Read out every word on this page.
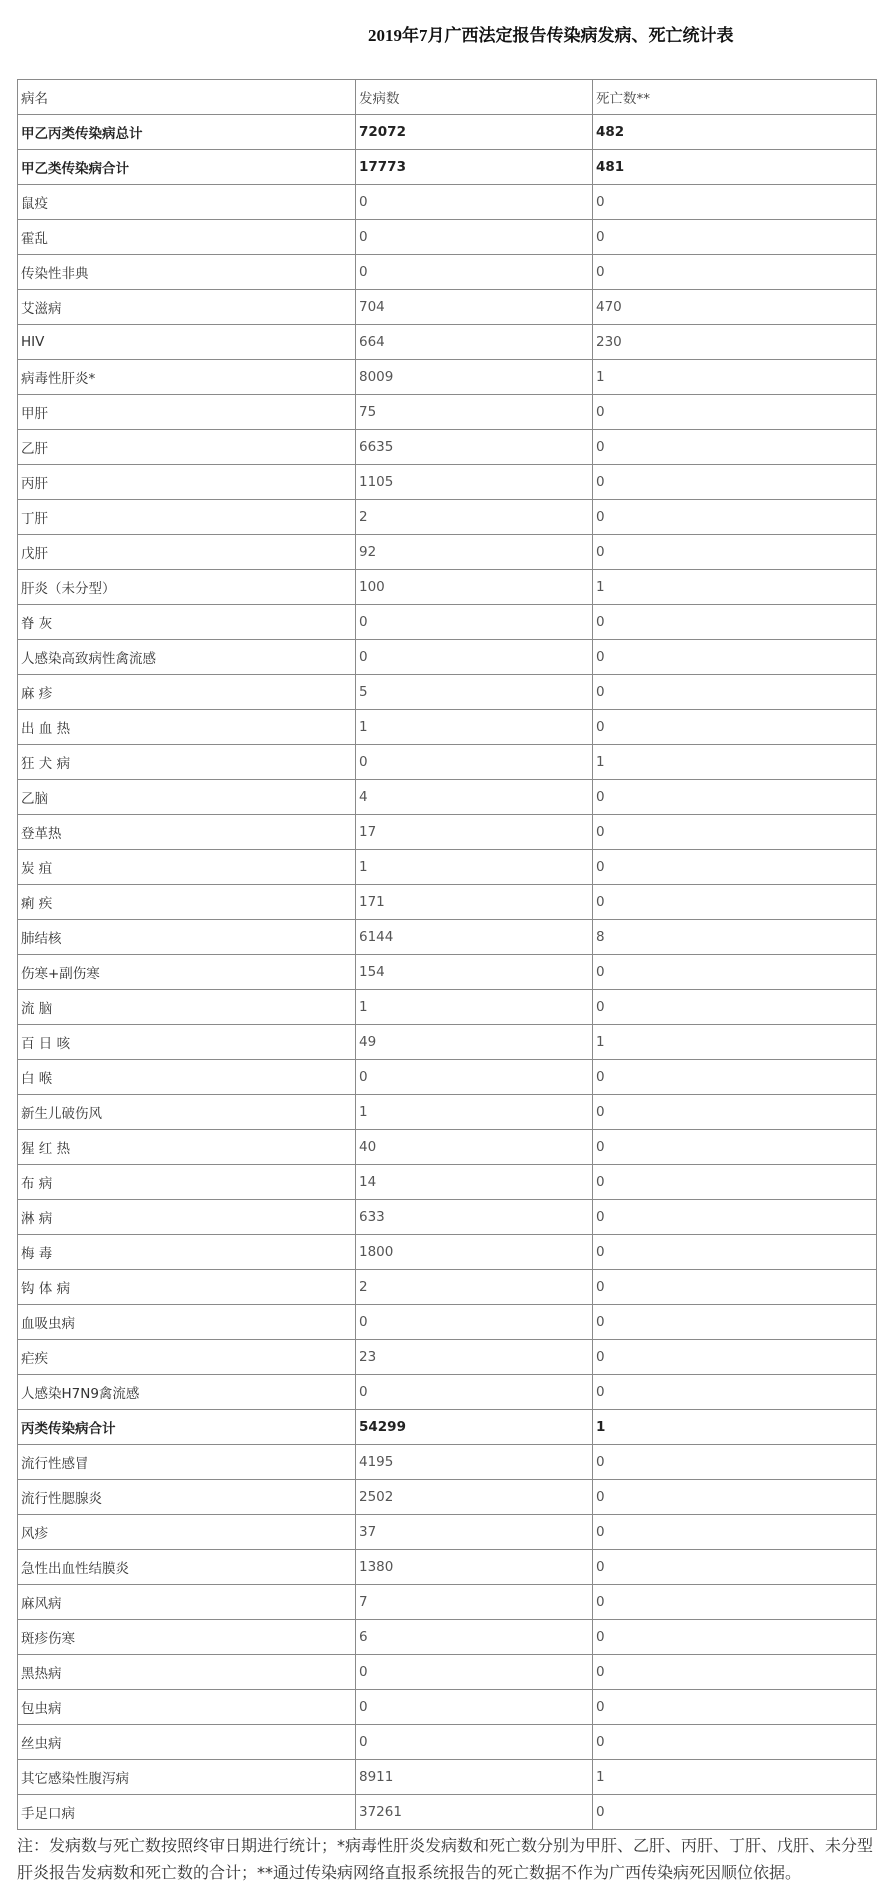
2019年7月广西法定报告传染病发病、死亡统计表
病名	发病数	死亡数**
甲乙丙类传染病总计	72072	482
甲乙类传染病合计	17773	481
鼠疫	0	0
霍乱	0	0
传染性非典	0	0
艾滋病	704	470
HIV	664	230
病毒性肝炎*	8009	1
甲肝	75	0
乙肝	6635	0
丙肝	1105	0
丁肝	2	0
戊肝	92	0
肝炎（未分型）	100	1
脊 灰	0	0
人感染高致病性禽流感	0	0
麻 疹	5	0
出 血 热	1	0
狂 犬 病	0	1
乙脑	4	0
登革热	17	0
炭 疽	1	0
痢 疾	171	0
肺结核	6144	8
伤寒+副伤寒	154	0
流 脑	1	0
百 日 咳	49	1
白 喉	0	0
新生儿破伤风	1	0
猩 红 热	40	0
布 病	14	0
淋 病	633	0
梅 毒	1800	0
钩 体 病	2	0
血吸虫病	0	0
疟疾	23	0
人感染H7N9禽流感	0	0
丙类传染病合计	54299	1
流行性感冒	4195	0
流行性腮腺炎	2502	0
风疹	37	0
急性出血性结膜炎	1380	0
麻风病	7	0
斑疹伤寒	6	0
黑热病	0	0
包虫病	0	0
丝虫病	0	0
其它感染性腹泻病	8911	1
手足口病	37261	0
注：发病数与死亡数按照终审日期进行统计；*病毒性肝炎发病数和死亡数分别为甲肝、乙肝、丙肝、丁肝、戊肝、未分型
肝炎报告发病数和死亡数的合计；**通过传染病网络直报系统报告的死亡数据不作为广西传染病死因顺位依据。
